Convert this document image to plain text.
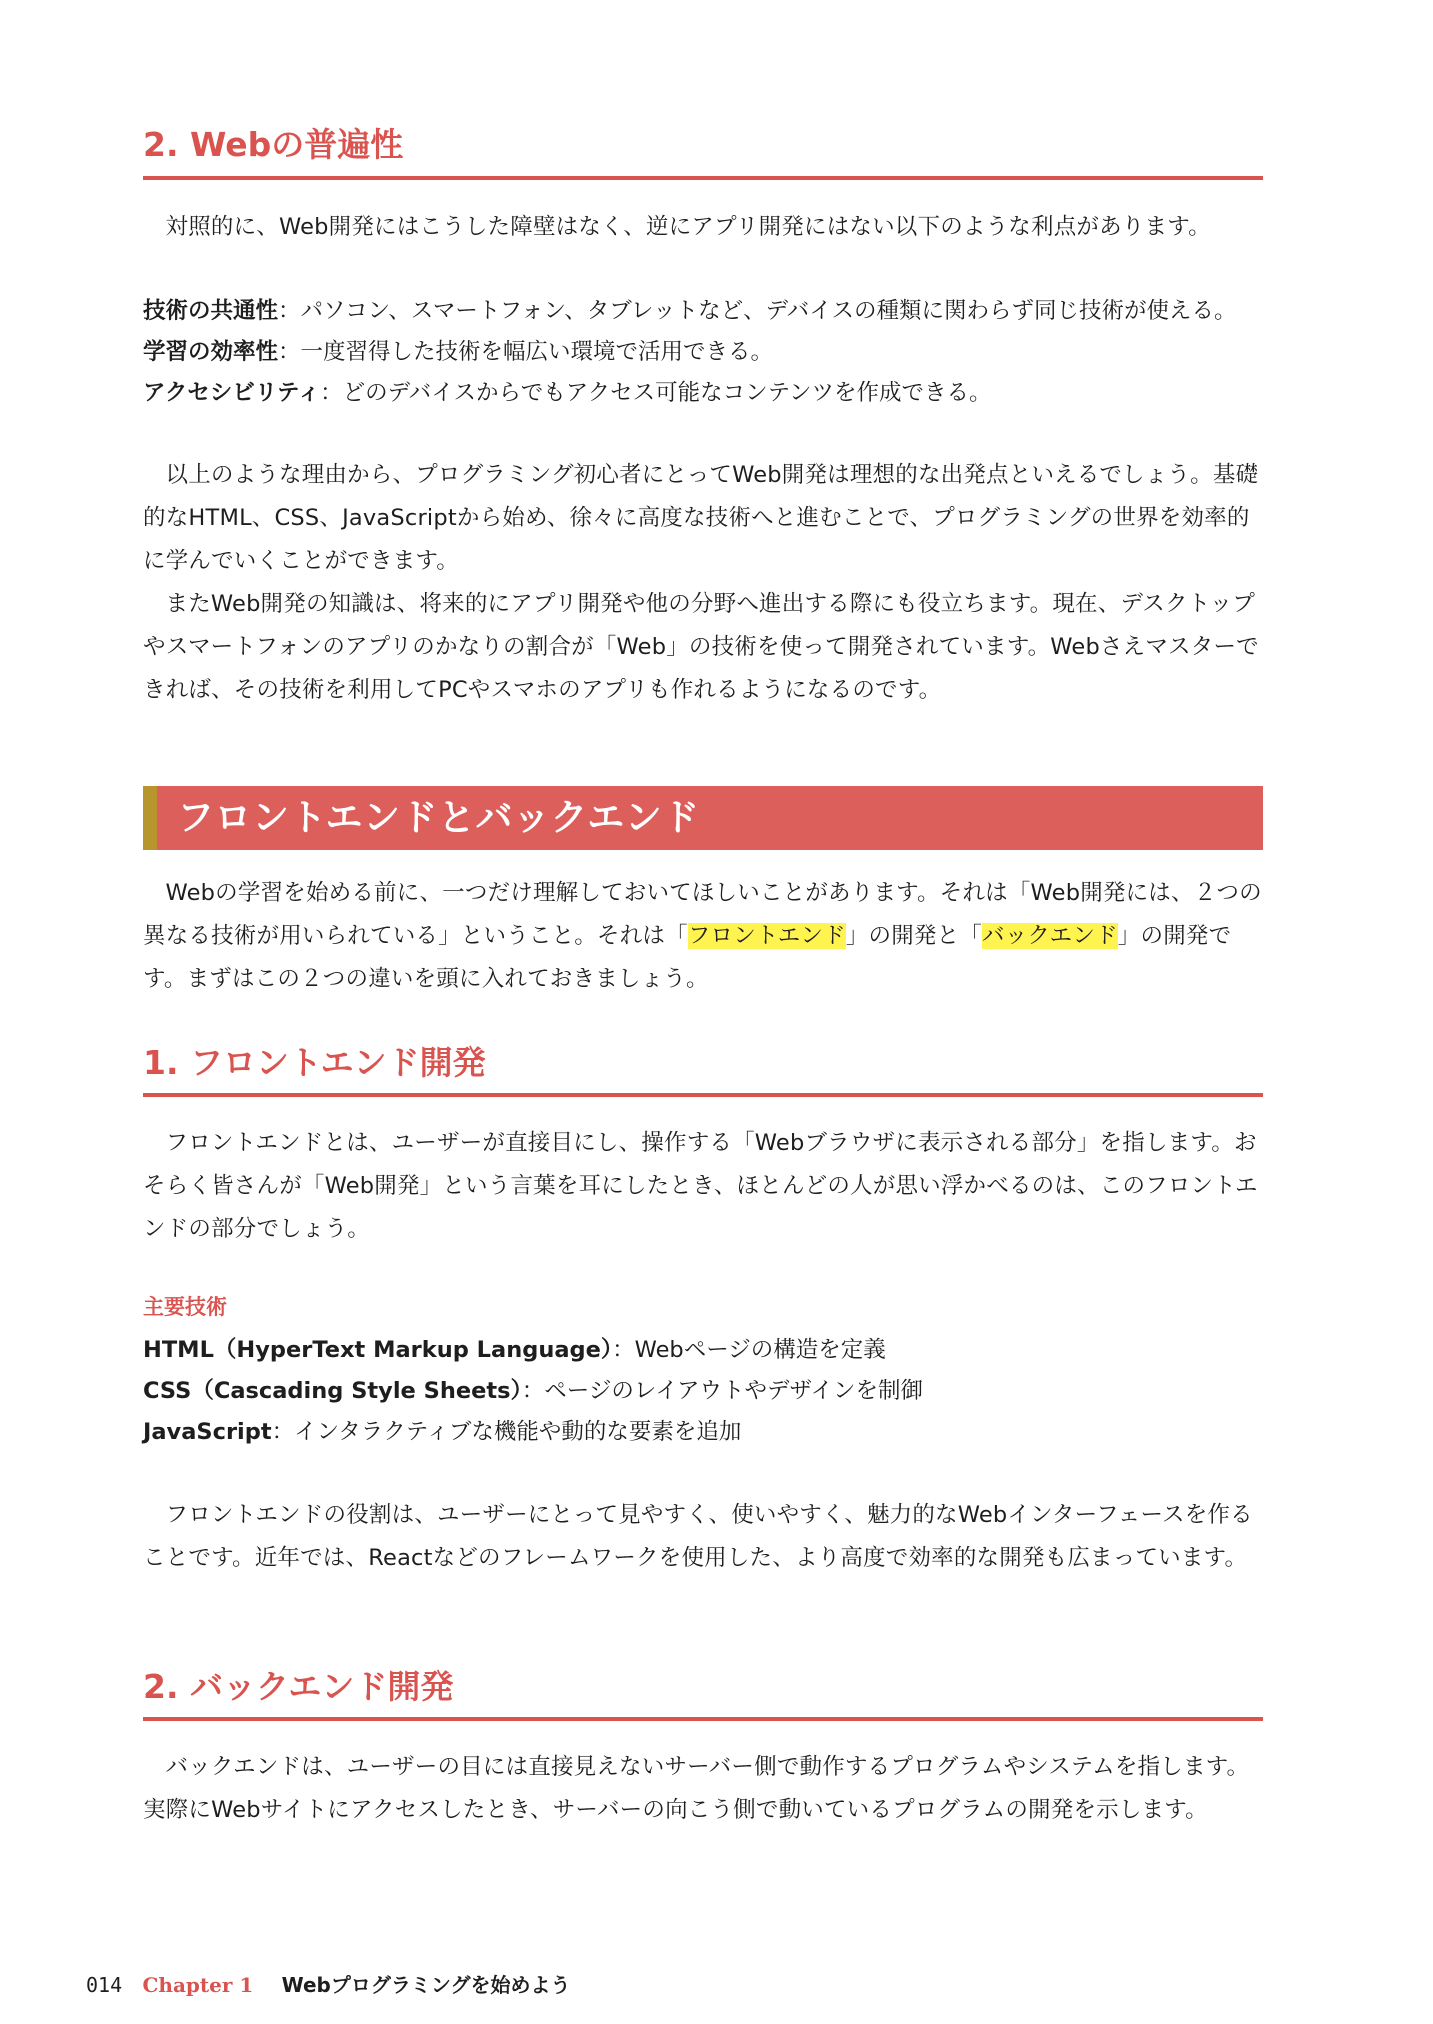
2. Webの普遍性

対照的に、Web開発にはこうした障壁はなく、逆にアプリ開発にはない以下のような利点があります。

技術の共通性：パソコン、スマートフォン、タブレットなど、デバイスの種類に関わらず同じ技術が使える。
学習の効率性：一度習得した技術を幅広い環境で活用できる。
アクセシビリティ：どのデバイスからでもアクセス可能なコンテンツを作成できる。

以上のような理由から、プログラミング初心者にとってWeb開発は理想的な出発点といえるでしょう。基礎的なHTML、CSS、JavaScriptから始め、徐々に高度な技術へと進むことで、プログラミングの世界を効率的に学んでいくことができます。

またWeb開発の知識は、将来的にアプリ開発や他の分野へ進出する際にも役立ちます。現在、デスクトップやスマートフォンのアプリのかなりの割合が「Web」の技術を使って開発されています。Webさえマスターできれば、その技術を利用してPCやスマホのアプリも作れるようになるのです。

フロントエンドとバックエンド

Webの学習を始める前に、一つだけ理解しておいてほしいことがあります。それは「Web開発には、２つの異なる技術が用いられている」ということ。それは「フロントエンド」の開発と「バックエンド」の開発です。まずはこの２つの違いを頭に入れておきましょう。

1. フロントエンド開発

フロントエンドとは、ユーザーが直接目にし、操作する「Webブラウザに表示される部分」を指します。おそらく皆さんが「Web開発」という言葉を耳にしたとき、ほとんどの人が思い浮かべるのは、このフロントエンドの部分でしょう。

主要技術
HTML（HyperText Markup Language）：Webページの構造を定義
CSS（Cascading Style Sheets）：ページのレイアウトやデザインを制御
JavaScript：インタラクティブな機能や動的な要素を追加

フロントエンドの役割は、ユーザーにとって見やすく、使いやすく、魅力的なWebインターフェースを作ることです。近年では、Reactなどのフレームワークを使用した、より高度で効率的な開発も広まっています。

2. バックエンド開発

バックエンドは、ユーザーの目には直接見えないサーバー側で動作するプログラムやシステムを指します。実際にWebサイトにアクセスしたとき、サーバーの向こう側で動いているプログラムの開発を示します。

014 Chapter 1 Webプログラミングを始めよう
